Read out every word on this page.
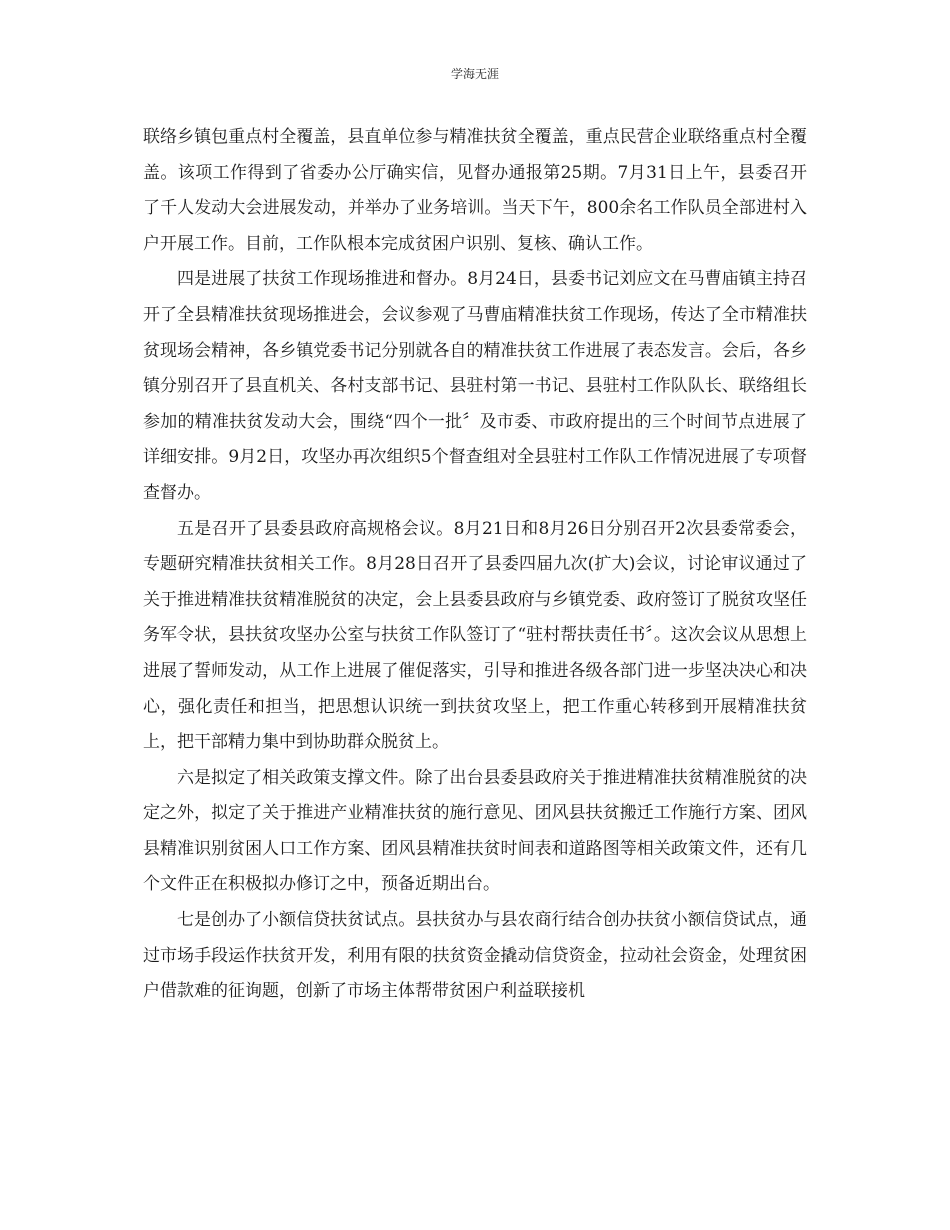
学海无涯

联络乡镇包重点村全覆盖，县直单位参与精准扶贫全覆盖，重点民营企业联络重点村全覆盖。该项工作得到了省委办公厅确实信，见督办通报第25期。7月31日上午，县委召开了千人发动大会进展发动，并举办了业务培训。当天下午，800余名工作队员全部进村入户开展工作。目前，工作队根本完成贫困户识别、复核、确认工作。

四是进展了扶贫工作现场推进和督办。8月24日，县委书记刘应文在马曹庙镇主持召开了全县精准扶贫现场推进会，会议参观了马曹庙精准扶贫工作现场，传达了全市精准扶贫现场会精神，各乡镇党委书记分别就各自的精准扶贫工作进展了表态发言。会后，各乡镇分别召开了县直机关、各村支部书记、县驻村第一书记、县驻村工作队队长、联络组长参加的精准扶贫发动大会，围绕“四个一批〞及市委、市政府提出的三个时间节点进展了详细安排。9月2日，攻坚办再次组织5个督查组对全县驻村工作队工作情况进展了专项督查督办。

五是召开了县委县政府高规格会议。8月21日和8月26日分别召开2次县委常委会，专题研究精准扶贫相关工作。8月28日召开了县委四届九次(扩大)会议，讨论审议通过了关于推进精准扶贫精准脱贫的决定，会上县委县政府与乡镇党委、政府签订了脱贫攻坚任务军令状，县扶贫攻坚办公室与扶贫工作队签订了“驻村帮扶责任书〞。这次会议从思想上进展了誓师发动，从工作上进展了催促落实，引导和推进各级各部门进一步坚决决心和决心，强化责任和担当，把思想认识统一到扶贫攻坚上，把工作重心转移到开展精准扶贫上，把干部精力集中到协助群众脱贫上。

六是拟定了相关政策支撑文件。除了出台县委县政府关于推进精准扶贫精准脱贫的决定之外，拟定了关于推进产业精准扶贫的施行意见、团风县扶贫搬迁工作施行方案、团风县精准识别贫困人口工作方案、团风县精准扶贫时间表和道路图等相关政策文件，还有几个文件正在积极拟办修订之中，预备近期出台。

七是创办了小额信贷扶贫试点。县扶贫办与县农商行结合创办扶贫小额信贷试点，通过市场手段运作扶贫开发，利用有限的扶贫资金撬动信贷资金，拉动社会资金，处理贫困户借款难的征询题，创新了市场主体帮带贫困户利益联接机
